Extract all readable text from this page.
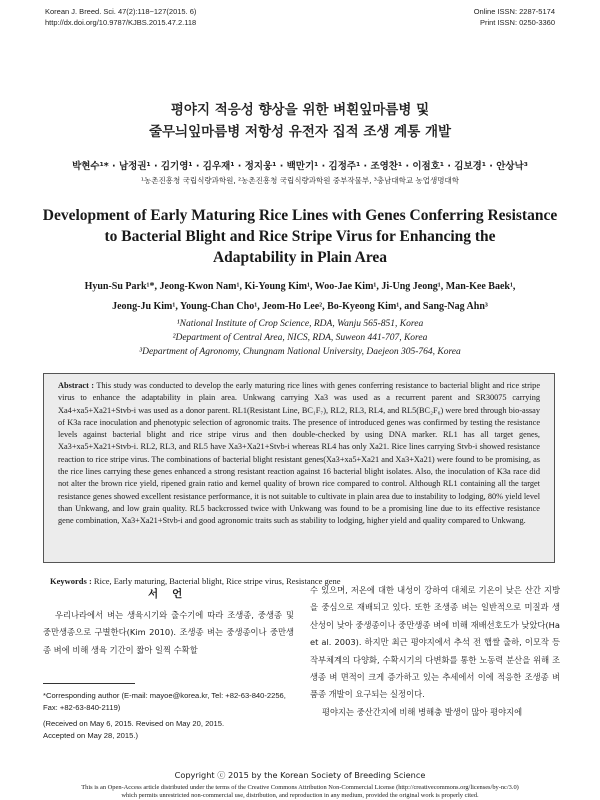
Korean J. Breed. Sci. 47(2):118~127(2015. 6)
http://dx.doi.org/10.9787/KJBS.2015.47.2.118
Online ISSN: 2287-5174
Print ISSN: 0250-3360
평야지 적응성 향상을 위한 벼흰잎마름병 및
줄무늬잎마름병 저항성 유전자 집적 조생 계통 개발
박현수¹* · 남정권¹ · 김기영¹ · 김우재¹ · 정지웅¹ · 백만기¹ · 김정주¹ · 조영찬¹ · 이점호¹ · 김보경¹ · 안상낙³
¹농촌진흥청 국립식량과학원, ²농촌진흥청 국립식량과학원 중부작물부, ³충남대학교 농업생명대학
Development of Early Maturing Rice Lines with Genes Conferring Resistance
to Bacterial Blight and Rice Stripe Virus for Enhancing the
Adaptability in Plain Area
Hyun-Su Park¹*, Jeong-Kwon Nam¹, Ki-Young Kim¹, Woo-Jae Kim¹, Ji-Ung Jeong¹, Man-Kee Baek¹,
Jeong-Ju Kim¹, Young-Chan Cho¹, Jeom-Ho Lee², Bo-Kyeong Kim¹, and Sang-Nag Ahn³
¹National Institute of Crop Science, RDA, Wanju 565-851, Korea
²Department of Central Area, NICS, RDA, Suweon 441-707, Korea
³Department of Agronomy, Chungnam National University, Daejeon 305-764, Korea
Abstract : This study was conducted to develop the early maturing rice lines with genes conferring resistance to bacterial blight and rice stripe virus to enhance the adaptability in plain area. Unkwang carrying Xa3 was used as a recurrent parent and SR30075 carrying Xa4+xa5+Xa21+Stvb-i was used as a donor parent. RL1(Resistant Line, BC₁F₇), RL2, RL3, RL4, and RL5(BC₂F₆) were bred through bio-assay of K3a race inoculation and phenotypic selection of agronomic traits. The presence of introduced genes was confirmed by testing the resistance levels against bacterial blight and rice stripe virus and then double-checked by using DNA marker. RL1 has all target genes, Xa3+xa5+Xa21+Stvb-i. RL2, RL3, and RL5 have Xa3+Xa21+Stvb-i whereas RL4 has only Xa21. Rice lines carrying Stvb-i showed resistance reaction to rice stripe virus. The combinations of bacterial blight resistant genes(Xa3+xa5+Xa21 and Xa3+Xa21) were found to be promising, as the rice lines carrying these genes enhanced a strong resistant reaction against 16 bacterial blight isolates. Also, the inoculation of K3a race did not alter the brown rice yield, ripened grain ratio and kernel quality of brown rice compared to control. Although RL1 containing all the target resistance genes showed excellent resistance performance, it is not suitable to cultivate in plain area due to instability to lodging, 80% yield level than Unkwang, and low grain quality. RL5 backcrossed twice with Unkwang was found to be a promising line due to its effective resistance gene combination, Xa3+Xa21+Stvb-i and good agronomic traits such as stability to lodging, higher yield and quality compared to Unkwang.
Keywords : Rice, Early maturing, Bacterial blight, Rice stripe virus, Resistance gene
서언
우리나라에서 벼는 생육시기와 출수기에 따라 조생종, 중생종 및 중만생종으로 구별한다(Kim 2010). 조생종 벼는 중생종이나 중만생종 벼에 비해 생육 기간이 짧아 일찍 수확할
*Corresponding author (E-mail: mayoe@korea.kr, Tel: +82-63-840-2256, Fax: +82-63-840-2119)
(Received on May 6, 2015. Revised on May 20, 2015.
Accepted on May 28, 2015.)
수 있으며, 저온에 대한 내성이 강하여 대체로 기온이 낮은 산간 지방을 중심으로 재배되고 있다. 또한 조생종 벼는 일반적으로 미질과 생산성이 낮아 중생종이나 중만생종 벼에 비해 재배선호도가 낮았다(Ha et al. 2003). 하지만 최근 평야지에서 추석 전 햅쌀 출하, 이모작 등 작부체계의 다양화, 수확시기의 다변화를 통한 노동력 분산을 위해 조생종 벼 면적이 크게 증가하고 있는 추세에서 이에 적응한 조생종 벼 품종 개발이 요구되는 실정이다.
평야지는 중산간지에 비해 병해충 발생이 많아 평야지에
Copyright ⓒ 2015 by the Korean Society of Breeding Science
This is an Open-Access article distributed under the terms of the Creative Commons Attribution Non-Commercial License (http://creativecommons.org/licenses/by-nc/3.0)
which permits unrestricted non-commercial use, distribution, and reproduction in any medium, provided the original work is properly cited.
